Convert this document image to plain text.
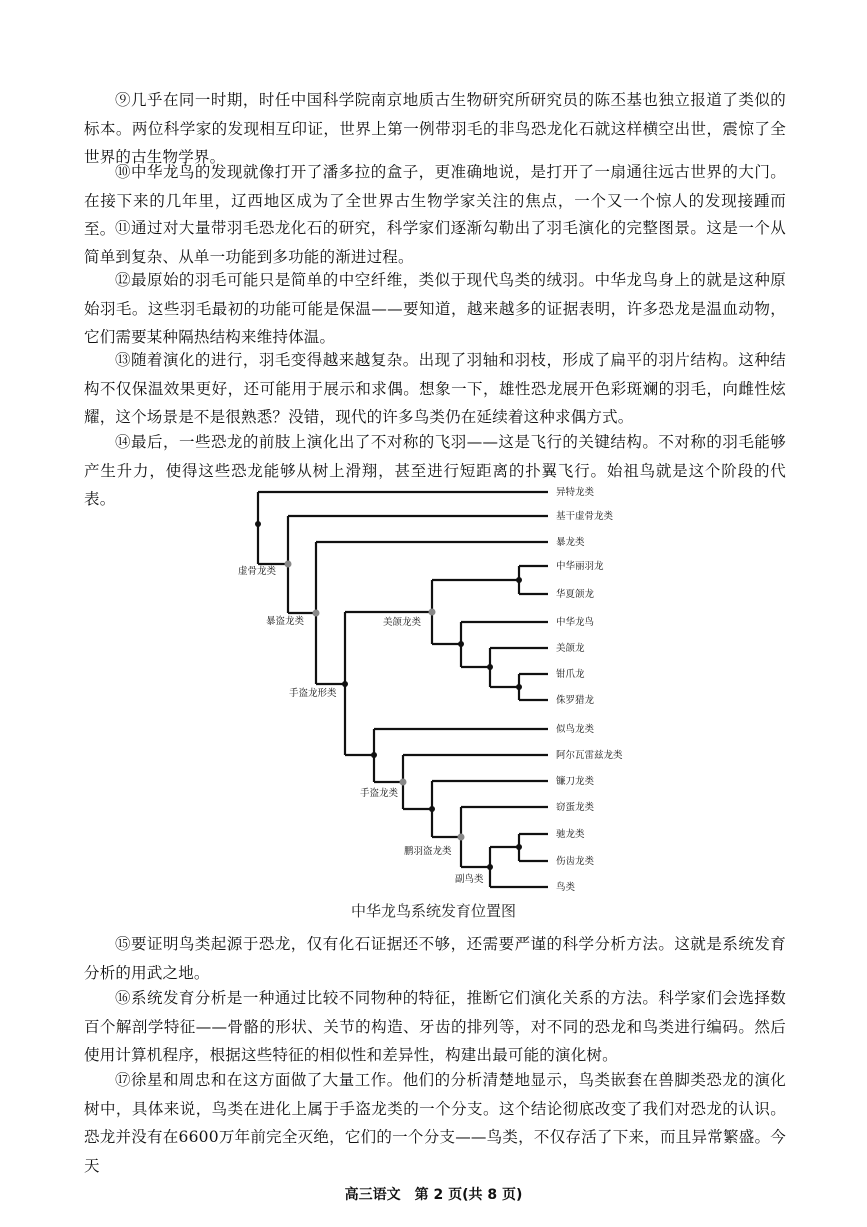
⑨几乎在同一时期，时任中国科学院南京地质古生物研究所研究员的陈丕基也独立报道了类似的标本。两位科学家的发现相互印证，世界上第一例带羽毛的非鸟恐龙化石就这样横空出世，震惊了全世界的古生物学界。

⑩中华龙鸟的发现就像打开了潘多拉的盒子，更准确地说，是打开了一扇通往远古世界的大门。在接下来的几年里，辽西地区成为了全世界古生物学家关注的焦点，一个又一个惊人的发现接踵而至。 ⑪通过对大量带羽毛恐龙化石的研究，科学家们逐渐勾勒出了羽毛演化的完整图景。这是一个从简单到复杂、从单一功能到多功能的渐进过程。

⑫最原始的羽毛可能只是简单的中空纤维，类似于现代鸟类的绒羽。中华龙鸟身上的就是这种原始羽毛。这些羽毛最初的功能可能是保温——要知道，越来越多的证据表明，许多恐龙是温血动物，它们需要某种隔热结构来维持体温。

⑬随着演化的进行，羽毛变得越来越复杂。出现了羽轴和羽枝，形成了扁平的羽片结构。这种结构不仅保温效果更好，还可能用于展示和求偶。想象一下，雄性恐龙展开色彩斑斓的羽毛，向雌性炫耀，这个场景是不是很熟悉？没错，现代的许多鸟类仍在延续着这种求偶方式。

⑭最后，一些恐龙的前肢上演化出了不对称的飞羽——这是飞行的关键结构。不对称的羽毛能够产生升力，使得这些恐龙能够从树上滑翔，甚至进行短距离的扑翼飞行。始祖鸟就是这个阶段的代表。	异特龙类
基干虚骨龙类
暴龙类
中华丽羽龙
华夏颌龙
中华龙鸟
美颌龙
钳爪龙
侏罗猎龙
似鸟龙类
阿尔瓦雷兹龙类
镰刀龙类
窃蛋龙类
驰龙类
伤齿龙类
鸟类
虚骨龙类
暴盗龙类	美颌龙类
手盗龙形类
手盗龙类
鹏羽盗龙类
副鸟类
中华龙鸟系统发育位置图

⑮要证明鸟类起源于恐龙，仅有化石证据还不够，还需要严谨的科学分析方法。这就是系统发育分析的用武之地。

⑯系统发育分析是一种通过比较不同物种的特征，推断它们演化关系的方法。科学家们会选择数百个解剖学特征——骨骼的形状、关节的构造、牙齿的排列等，对不同的恐龙和鸟类进行编码。然后使用计算机程序，根据这些特征的相似性和差异性，构建出最可能的演化树。

⑰徐星和周忠和在这方面做了大量工作。他们的分析清楚地显示，鸟类嵌套在兽脚类恐龙的演化树中，具体来说，鸟类在进化上属于手盗龙类的一个分支。这个结论彻底改变了我们对恐龙的认识。恐龙并没有在6600万年前完全灭绝，它们的一个分支——鸟类，不仅存活了下来，而且异常繁盛。今天

高三语文　第 2 页(共 8 页)
